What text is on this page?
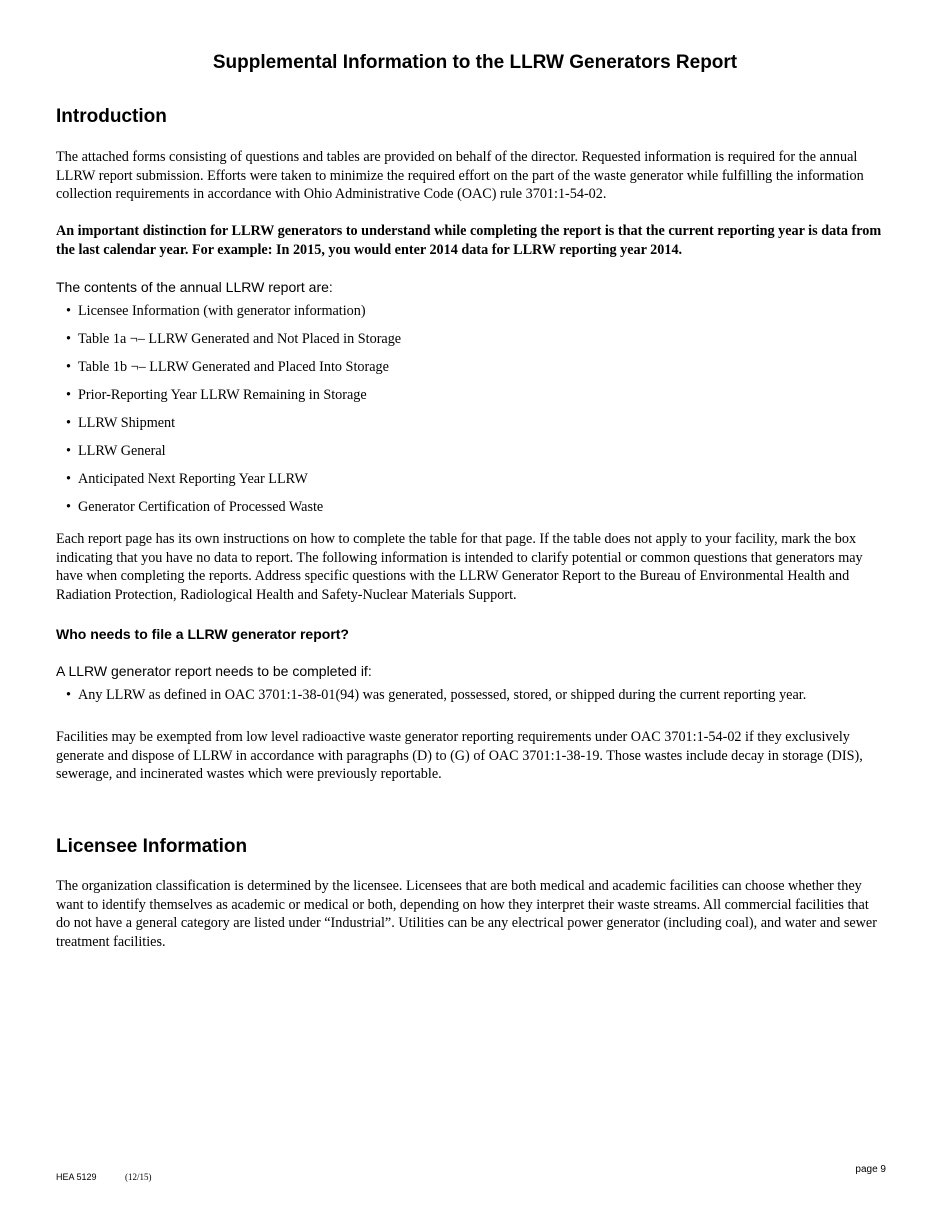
Supplemental Information to the LLRW Generators Report
Introduction
The attached forms consisting of questions and tables are provided on behalf of the director. Requested information is required for the annual LLRW report submission. Efforts were taken to minimize the required effort on the part of the waste generator while fulfilling the information collection requirements in accordance with Ohio Administrative Code (OAC) rule 3701:1-54-02.
An important distinction for LLRW generators to understand while completing the report is that the current reporting year is data from the last calendar year. For example: In 2015, you would enter 2014 data for LLRW reporting year 2014.
The contents of the annual LLRW report are:
• Licensee Information (with generator information)
• Table 1a ¬– LLRW Generated and Not Placed in Storage
• Table 1b ¬– LLRW Generated and Placed Into Storage
• Prior-Reporting Year LLRW Remaining in Storage
• LLRW Shipment
• LLRW General
• Anticipated Next Reporting Year LLRW
• Generator Certification of Processed Waste
Each report page has its own instructions on how to complete the table for that page. If the table does not apply to your facility, mark the box indicating that you have no data to report. The following information is intended to clarify potential or common questions that generators may have when completing the reports. Address specific questions with the LLRW Generator Report to the Bureau of Environmental Health and Radiation Protection, Radiological Health and Safety-Nuclear Materials Support.
Who needs to file a LLRW generator report?
A LLRW generator report needs to be completed if:
• Any LLRW as defined in OAC 3701:1-38-01(94) was generated, possessed, stored, or shipped during the current reporting year.
Facilities may be exempted from low level radioactive waste generator reporting requirements under OAC 3701:1-54-02 if they exclusively generate and dispose of LLRW in accordance with paragraphs (D) to (G) of OAC 3701:1-38-19. Those wastes include decay in storage (DIS), sewerage, and incinerated wastes which were previously reportable.
Licensee Information
The organization classification is determined by the licensee. Licensees that are both medical and academic facilities can choose whether they want to identify themselves as academic or medical or both, depending on how they interpret their waste streams. All commercial facilities that do not have a general category are listed under “Industrial”. Utilities can be any electrical power generator (including coal), and water and sewer treatment facilities.
HEA 5129	(12/15)
page 9
